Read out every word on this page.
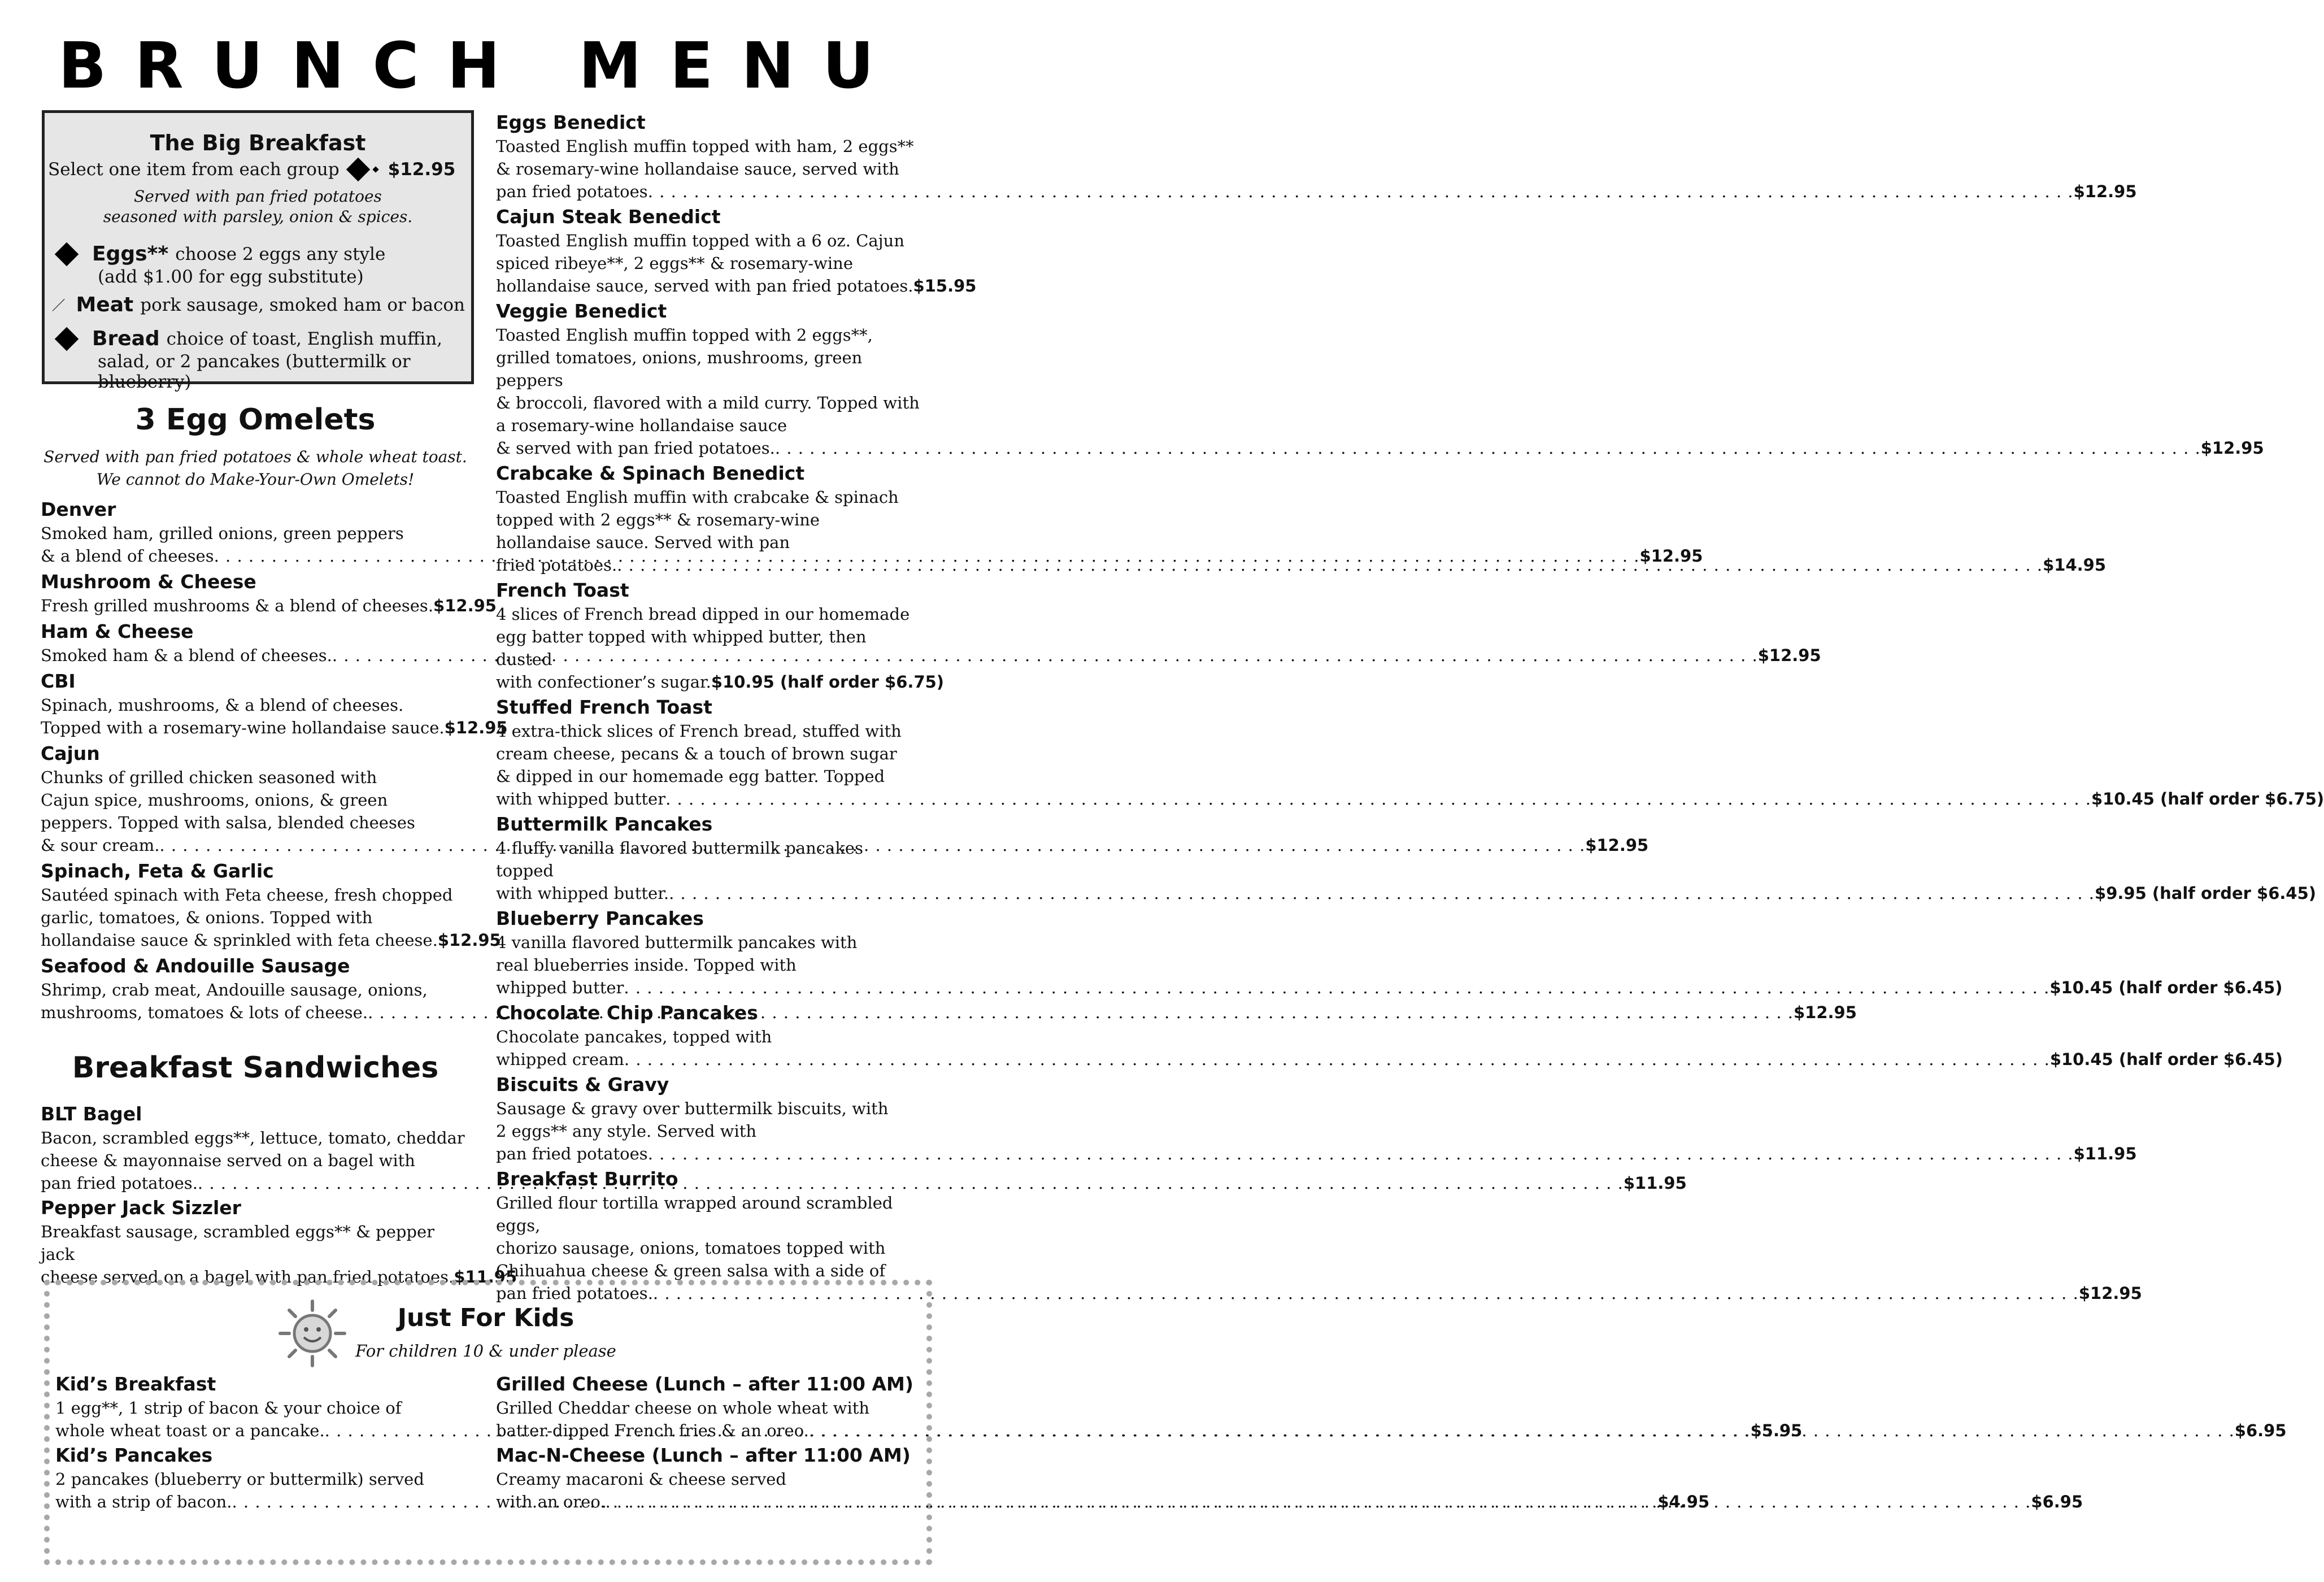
BRUNCH MENU
The Big Breakfast
Select one item from each group	$12.95
Served with pan fried potatoes
seasoned with parsley, onion & spices.
Eggs** choose 2 eggs any style
(add $1.00 for egg substitute)
Meat pork sausage, smoked ham or bacon
Bread choice of toast, English muffin,
salad, or 2 pancakes (buttermilk or blueberry)
3 Egg Omelets
Served with pan fried potatoes & whole wheat toast.
We cannot do Make-Your-Own Omelets!
Denver
Smoked ham, grilled onions, green peppers
& a blend of cheeses . . .	$12.95
Mushroom & Cheese
Fresh grilled mushrooms & a blend of cheeses. $12.95
Ham & Cheese
Smoked ham & a blend of cheeses. . . .	$12.95
CBI
Spinach, mushrooms, & a blend of cheeses.
Topped with a rosemary-wine hollandaise sauce. $12.95
Cajun
Chunks of grilled chicken seasoned with
Cajun spice, mushrooms, onions, & green
peppers. Topped with salsa, blended cheeses
& sour cream. . . .	$12.95
Spinach, Feta & Garlic
Sautéed spinach with Feta cheese, fresh chopped
garlic, tomatoes, & onions. Topped with
hollandaise sauce & sprinkled with feta cheese. $12.95
Seafood & Andouille Sausage
Shrimp, crab meat, Andouille sausage, onions,
mushrooms, tomatoes & lots of cheese. . . .	$12.95
Breakfast Sandwiches
BLT Bagel
Bacon, scrambled eggs**, lettuce, tomato, cheddar
cheese & mayonnaise served on a bagel with
pan fried potatoes. . . .	$11.95
Pepper Jack Sizzler
Breakfast sausage, scrambled eggs** & pepper jack
cheese served on a bagel with pan fried potatoes. $11.95
Eggs Benedict
Toasted English muffin topped with ham, 2 eggs**
& rosemary-wine hollandaise sauce, served with
pan fried potatoes . . .	$12.95
Cajun Steak Benedict
Toasted English muffin topped with a 6 oz. Cajun
spiced ribeye**, 2 eggs** & rosemary-wine
hollandaise sauce, served with pan fried potatoes. $15.95
Veggie Benedict
Toasted English muffin topped with 2 eggs**,
grilled tomatoes, onions, mushrooms, green peppers
& broccoli, flavored with a mild curry. Topped with
a rosemary-wine hollandaise sauce
& served with pan fried potatoes. . . .	$12.95
Crabcake & Spinach Benedict
Toasted English muffin with crabcake & spinach
topped with 2 eggs** & rosemary-wine
hollandaise sauce. Served with pan
fried potatoes. . . .	$14.95
French Toast
4 slices of French bread dipped in our homemade
egg batter topped with whipped butter, then dusted
with confectioner’s sugar. $10.95 (half order $6.75)
Stuffed French Toast
4 extra-thick slices of French bread, stuffed with
cream cheese, pecans & a touch of brown sugar
& dipped in our homemade egg batter. Topped
with whipped butter . . .	$10.45 (half order $6.75)
Buttermilk Pancakes
4 fluffy vanilla flavored buttermilk pancakes topped
with whipped butter. . . .	$9.95 (half order $6.45)
Blueberry Pancakes
4 vanilla flavored buttermilk pancakes with
real blueberries inside. Topped with
whipped butter . . .	$10.45 (half order $6.45)
Chocolate Chip Pancakes
Chocolate pancakes, topped with
whipped cream . . .	$10.45 (half order $6.45)
Biscuits & Gravy
Sausage & gravy over buttermilk biscuits, with
2 eggs** any style. Served with
pan fried potatoes . . .	$11.95
Breakfast Burrito
Grilled flour tortilla wrapped around scrambled eggs,
chorizo sausage, onions, tomatoes topped with
Chihuahua cheese & green salsa with a side of
pan fried potatoes. . . .	$12.95
Just For Kids
For children 10 & under please
Kid’s Breakfast
1 egg**, 1 strip of bacon & your choice of
whole wheat toast or a pancake. . . .	$5.95
Kid’s Pancakes
2 pancakes (blueberry or buttermilk) served
with a strip of bacon. . . .	$4.95
Grilled Cheese (Lunch – after 11:00 AM)
Grilled Cheddar cheese on whole wheat with
batter-dipped French fries & an oreo. . . .	$6.95
Mac-N-Cheese (Lunch – after 11:00 AM)
Creamy macaroni & cheese served
with an oreo. . . .	$6.95
